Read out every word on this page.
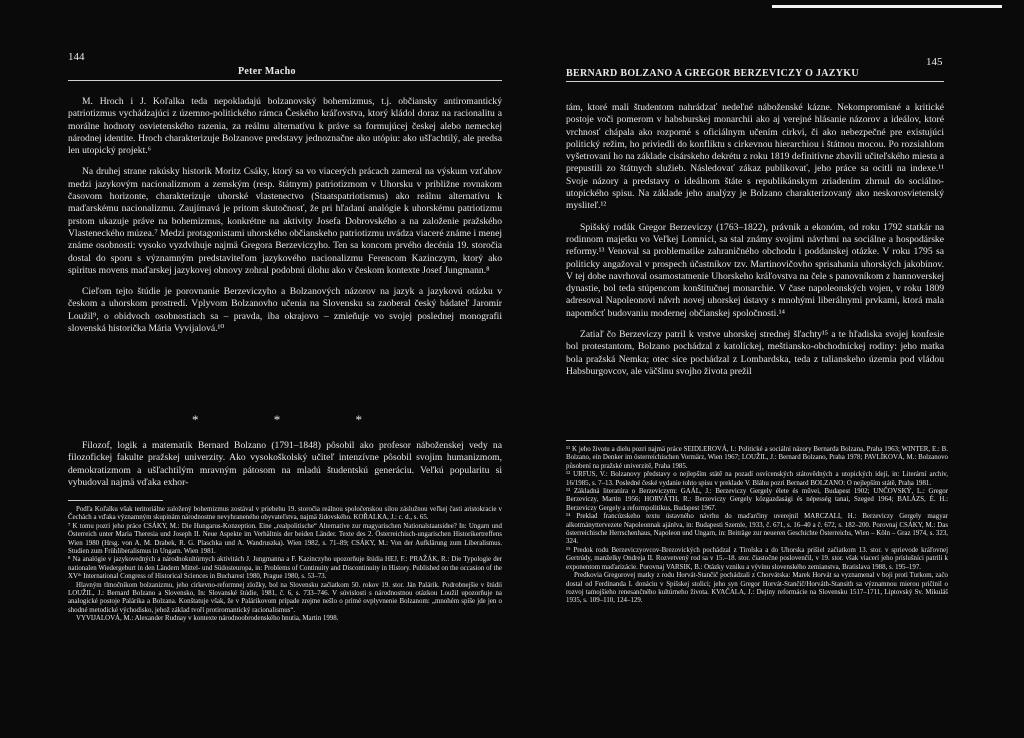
144
Peter Macho

M. Hroch i J. Koľalka teda nepokladajú bolzanovský bohemizmus, t.j. občiansky antiromantický patriotizmus vychádzajúci z územno-politického rámca Českého kráľovstva, ktorý kládol doraz na racionalitu a morálne hodnoty osvietenského razenia, za reálnu alternatívu k práve sa formujúcej českej alebo nemeckej národnej identite. Hroch charakterizuje Bolzanove predstavy jednoznačne ako utópiu: ako ušľachtilý, ale predsa len utopický projekt.⁶

Na druhej strane rakúsky historik Moritz Csáky, ktorý sa vo viacerých prácach zameral na výskum vzťahov medzi jazykovým nacionalizmom a zemským (resp. štátnym) patriotizmom v Uhorsku v približne rovnakom časovom horizonte, charakterizuje uhorské vlastenectvo (Staatspatriotismus) ako reálnu alternatívu k maďarskému nacionalizmu. Zaujímavá je pritom skutočnosť, že pri hľadaní analógie k uhorskému patriotizmu prstom ukazuje práve na bohemizmus, konkrétne na aktivity Josefa Dobrovského a na založenie pražského Vlasteneckého múzea.⁷ Medzi protagonistami uhorského občianskeho patriotizmu uvádza viaceré známe i menej známe osobnosti: vysoko vyzdvihuje najmä Gregora Berzeviczyho. Ten sa koncom prvého decénia 19. storočia dostal do sporu s významným predstaviteľom jazykového nacionalizmu Ferencom Kazinczym, ktorý ako spiritus movens maďarskej jazykovej obnovy zohral podobnú úlohu ako v českom kontexte Josef Jungmann.⁸

Cieľom tejto štúdie je porovnanie Berzeviczyho a Bolzanových názorov na jazyk a jazykovú otázku v českom a uhorskom prostredí. Vplyvom Bolzanovho učenia na Slovensku sa zaoberal český bádateľ Jaromír Loužil⁹, o obidvoch osobnostiach sa – pravda, iba okrajovo – zmieňuje vo svojej poslednej monografii slovenská historička Mária Vyvijalová.¹⁰

* * *

Filozof, logik a matematik Bernard Bolzano (1791–1848) pôsobil ako profesor náboženskej vedy na filozofickej fakulte pražskej univerzity. Ako vysokoškolský učiteľ intenzívne pôsobil svojim humanizmom, demokratizmom a ušľachtilým mravným pátosom na mladú študentskú generáciu. Veľkú popularitu si vybudoval najmä vďaka exhor-

Podľa Koľalku však teritoriálne založený bohemizmus zostával v priebehu 19. storočia reálnou spoločenskou silou záslužnou veľkej časti aristokracie v Čechách a vďaka významným skupinám národnostne nevyhraneného obyvateľstva, najmä židovského. KOŘALKA, J.: c. d., s. 65.

⁷ K tomu pozri jeho práce CSÁKY, M.: Die Hungarus-Konzeption. Eine „realpolitische“ Alternative zur magyarischen Nationalstaatsidee? In: Ungarn und Österreich unter Maria Theresia und Joseph II. Neue Aspekte im Verhältnis der beiden Länder. Texte des 2. Österreichisch-ungarischen Historikertreffens Wien 1980 (Hrsg. von A. M. Drabek, R. G. Plaschka und A. Wandruszka). Wien 1982, s. 71–89; CSÁKY, M.: Von der Aufklärung zum Liberalismus. Studien zum Frühliberalismus in Ungarn. Wien 1981.

⁸ Na analógie v jazykovedných a národnokultúrnych aktivitách J. Jungmanna a F. Kazinczyho upozorňuje štúdia HEJ, F.: PRAŽÁK, R.: Die Typologie der nationalen Wiedergeburt in den Ländern Mittel- und Südosteuropa, in: Problems of Continuity and Discontinuity in History. Published on the occasion of the XVᵗʰ International Congress of Historical Sciences in Bucharest 1980, Prague 1980, s. 53–73.

Hlavným tlmočníkom bolzanizmu, jeho cirkevno-reformnej zložky, bol na Slovensku začiatkom 50. rokov 19. stor. Ján Palárik. Podrobnejšie v štúdii LOUŽIL, J.: Bernard Bolzano a Slovensko, In: Slovanské štúdie, 1981, č. 6, s. 733–746. V súvislosti s národnostnou otázkou Loužil upozorňuje na analogické postoje Palárika a Bolzana. Konštatuje však, že v Palárikovom prípade zrejme nešlo o prímé ovplyvnenie Bolzanom: „mnohém spíše jde jen o shodné metodické východisko, jehož základ tvoří protiromantický racionalismus“.

VYVIJALOVÁ, M.: Alexander Rudnay v kontexte národnoobrodenského hnutia, Martin 1998.

145
BERNARD BOLZANO A GREGOR BERZEVICZY O JAZYKU

tám, ktoré mali študentom nahrádzať nedeľné náboženské kázne. Nekompromisné a kritické postoje voči pomerom v habsburskej monarchii ako aj verejné hlásanie názorov a ideálov, ktoré vrchnosť chápala ako rozporné s oficiálnym učením cirkvi, či ako nebezpečné pre existujúci politický režim, ho priviedli do konfliktu s cirkevnou hierarchiou i štátnou mocou. Po rozsiahlom vyšetrovaní ho na základe cisárskeho dekrétu z roku 1819 definitívne zbavili učiteľského miesta a prepustili zo štátnych služieb. Následovať zákaz publikovať, jeho práce sa ocitli na indexe.¹¹ Svoje názory a predstavy o ideálnom štáte s republikánskym zriadením zhrnul do sociálno-utopického spisu. Na základe jeho analýzy je Bolzano charakterizovaný ako neskorosvietenský mysliteľ.¹²

Spišský rodák Gregor Berzeviczy (1763–1822), právnik a ekonóm, od roku 1792 statkár na rodinnom majetku vo Veľkej Lomnici, sa stal známy svojimi návrhmi na sociálne a hospodárske reformy.¹³ Venoval sa problematike zahraničného obchodu i poddanskej otázke. V roku 1795 sa politicky angažoval v prospech účastníkov tzv. Martinovičovho sprisahania uhorských jakobínov. V tej dobe navrhoval osamostatnenie Uhorskeho kráľovstva na čele s panovníkom z hannoverskej dynastie, bol teda stúpencom konštitučnej monarchie. V čase napoleonských vojen, v roku 1809 adresoval Napoleonovi návrh novej uhorskej ústavy s mnohými liberálnymi prvkami, ktorá mala napomôcť budovaniu modernej občianskej spoločnosti.¹⁴

Zatiaľ čo Berzeviczy patril k vrstve uhorskej strednej šľachty¹⁵ a te hľadiska svojej konfesie bol protestantom, Bolzano pochádzal z katolíckej, meštiansko-obchodníckej rodiny: jeho matka bola pražská Nemka; otec sice pochádzal z Lombardska, teda z talianskeho územia pod vládou Habsburgovcov, ale väčšinu svojho života prežil

¹¹ K jeho životu a dielu pozri najmä práce SEIDLEROVÁ, I.: Politické a sociální názory Bernarda Bolzana, Praha 1963; WINTER, E.: B. Bolzano, ein Denker im österreichischen Vormärz, Wien 1967; LOUŽIL, J.: Bernard Bolzano, Praha 1978; PAVLÍKOVÁ, M.: Bolzanovo působení na pražské univerzitě, Praha 1985.

¹² URFUS, V.: Bolzanovy představy o nejlepším státě na pozadí osvícenských státovědných a utopických idejí, in: Literární archiv, 16/1985, s. 7–13. Posledné české vydanie tohto spisu v preklade V. Bláhu pozri Bernard BOLZANO: O nejlepším státě, Praha 1981.

¹³ Základná literatúra o Berzeviczym: GAÁL, J.: Berzeviczy Gergely élete és művei, Budapest 1902; UNČOVSKÝ, L.: Gregor Berzeviczy, Martin 1956; HORVÁTH, R.: Berzeviczy Gergely közgazdasági és népesség tanai, Szeged 1964; BALÁZS, É. H.: Berzeviczy Gergely a reformpolitikus, Budapest 1967.

¹⁴ Preklad francúzskeho textu ústavného návrhu do maďarčiny uverejnil MARCZALI, H.: Berzeviczy Gergely magyar alkotmányttervezete Napoleonnak ajánlva, in: Budapesti Szemle, 1933, č. 671, s. 16–40 a č. 672, s. 182–200. Porovnaj CSÁKY, M.: Das österreichische Herrschenhaus, Napoleon und Ungarn, in: Beiträge zur neueren Geschichte Österreichs, Wien – Köln – Graz 1974, s. 323, 324.

¹⁵ Predok rodu Berzeviczyovcov-Brezovických pochádzal z Tirolska a do Uhorska prišiel začiatkom 13. stor. v sprievode kráľovnej Gertrúdy, manželky Ondreja II. Rozvetvený rod sa v 15.–18. stor. čiastočne poslovenčil, v 19. stor. však viacerí jeho príslušníci patrili k exponentom maďarizácie. Porovnaj VARSIK, B.: Otázky vzniku a vývinu slovenského zemianstva, Bratislava 1988, s. 195–197.

Predkovia Gregorovej matky z rodu Horvát-Stančič pochádzali z Chorvátska: Marek Horvát sa vyznamenal v boji proti Turkom, začo dostal od Ferdinanda I. donáciu v Spišskej stolici; jeho syn Gregor Horvát-Stančič/Horváth-Stansith sa významnou mierou pričinil o rozvoj tamojšieho renesančného kultúrneho života. KVAČALA, J.: Dejiny reformácie na Slovensku 1517–1711, Liptovský Sv. Mikuláš 1935, s. 109–110, 124–129.
